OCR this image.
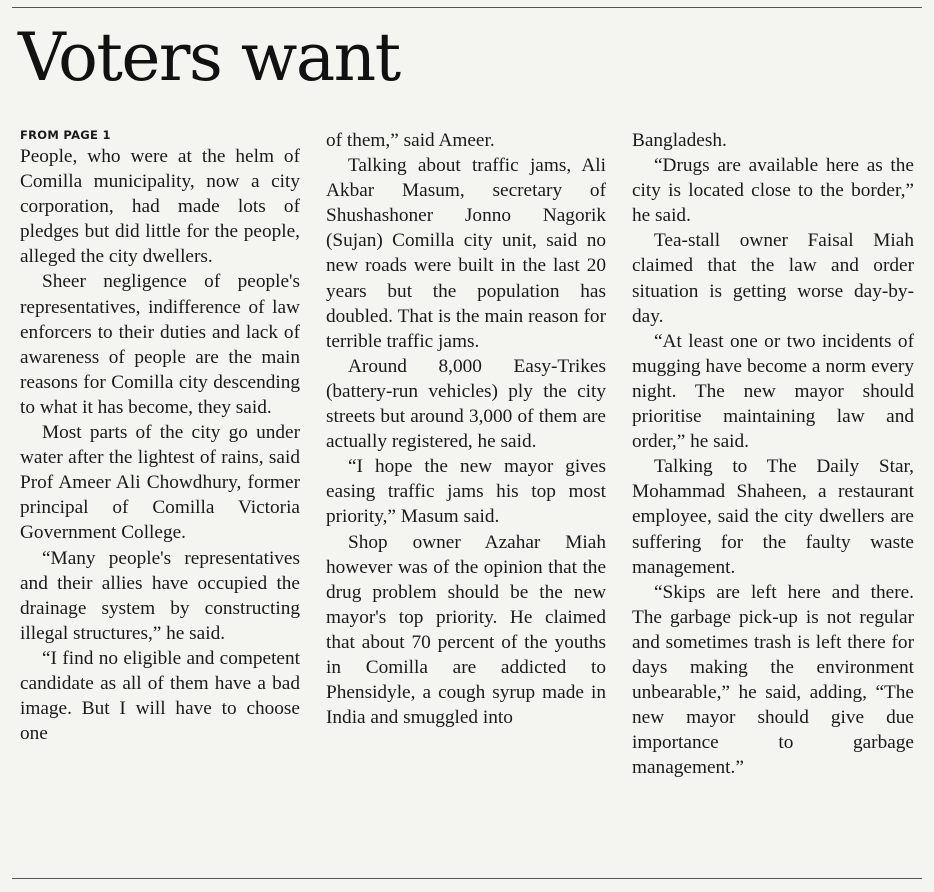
Voters want
FROM PAGE 1

People, who were at the helm of Comilla municipality, now a city corporation, had made lots of pledges but did little for the people, alleged the city dwellers.

Sheer negligence of people's representatives, indifference of law enforcers to their duties and lack of awareness of people are the main reasons for Comilla city descending to what it has become, they said.

Most parts of the city go under water after the lightest of rains, said Prof Ameer Ali Chowdhury, former principal of Comilla Victoria Government College.

“Many people's representatives and their allies have occupied the drainage system by constructing illegal structures,” he said.

“I find no eligible and competent candidate as all of them have a bad image. But I will have to choose one

of them,” said Ameer.

Talking about traffic jams, Ali Akbar Masum, secretary of Shushashoner Jonno Nagorik (Sujan) Comilla city unit, said no new roads were built in the last 20 years but the population has doubled. That is the main reason for terrible traffic jams.

Around 8,000 Easy-Trikes (battery-run vehicles) ply the city streets but around 3,000 of them are actually registered, he said.

“I hope the new mayor gives easing traffic jams his top most priority,” Masum said.

Shop owner Azahar Miah however was of the opinion that the drug problem should be the new mayor's top priority. He claimed that about 70 percent of the youths in Comilla are addicted to Phensidyle, a cough syrup made in India and smuggled into

Bangladesh.

“Drugs are available here as the city is located close to the border,” he said.

Tea-stall owner Faisal Miah claimed that the law and order situation is getting worse day-by-day.

“At least one or two incidents of mugging have become a norm every night. The new mayor should prioritise maintaining law and order,” he said.

Talking to The Daily Star, Mohammad Shaheen, a restaurant employee, said the city dwellers are suffering for the faulty waste management.

“Skips are left here and there. The garbage pick-up is not regular and sometimes trash is left there for days making the environment unbearable,” he said, adding, “The new mayor should give due importance to garbage management.”
